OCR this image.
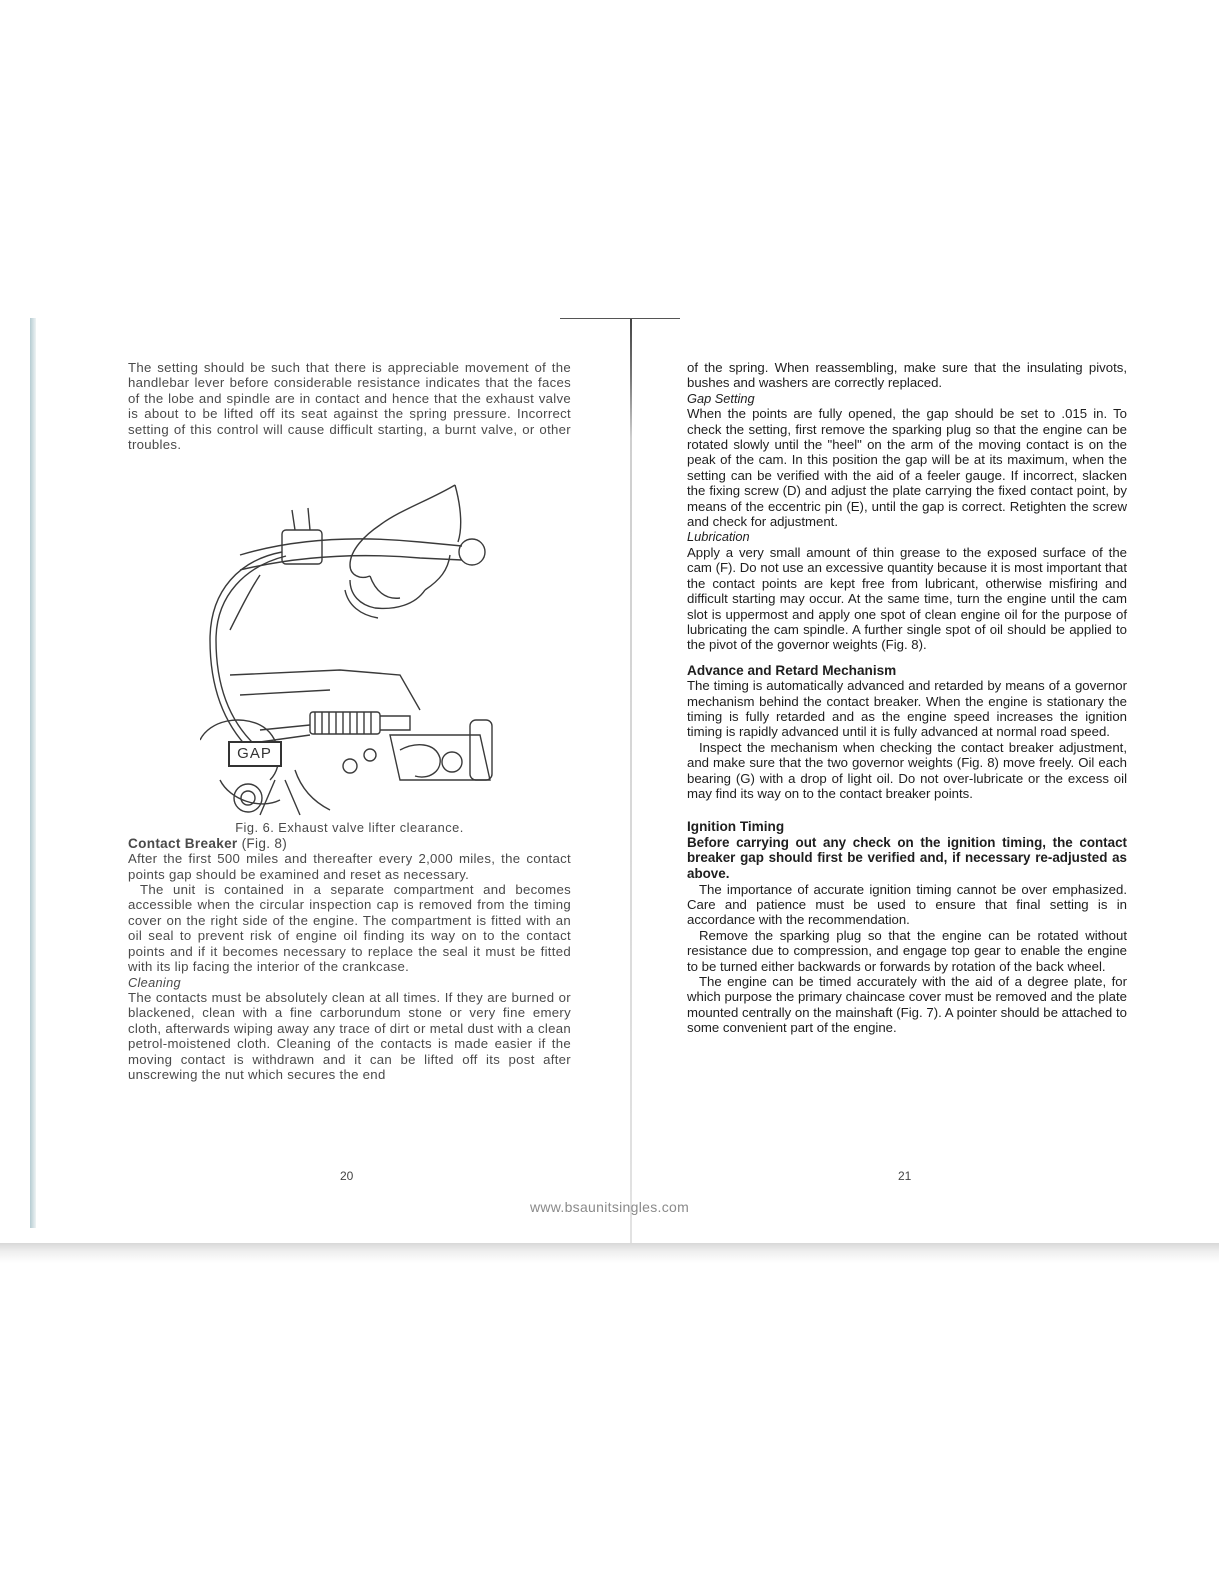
The setting should be such that there is appreciable movement of the handlebar lever before considerable resistance indicates that the faces of the lobe and spindle are in contact and hence that the exhaust valve is about to be lifted off its seat against the spring pressure. Incorrect setting of this control will cause difficult starting, a burnt valve, or other troubles.

GAP

Fig. 6. Exhaust valve lifter clearance.

Contact Breaker (Fig. 8)

After the first 500 miles and thereafter every 2,000 miles, the contact points gap should be examined and reset as necessary.

The unit is contained in a separate compartment and becomes accessible when the circular inspection cap is removed from the timing cover on the right side of the engine. The compartment is fitted with an oil seal to prevent risk of engine oil finding its way on to the contact points and if it becomes necessary to replace the seal it must be fitted with its lip facing the interior of the crankcase.

Cleaning

The contacts must be absolutely clean at all times. If they are burned or blackened, clean with a fine carborundum stone or very fine emery cloth, afterwards wiping away any trace of dirt or metal dust with a clean petrol-moistened cloth. Cleaning of the contacts is made easier if the moving contact is withdrawn and it can be lifted off its post after unscrewing the nut which secures the end

20

of the spring. When reassembling, make sure that the insulating pivots, bushes and washers are correctly replaced.

Gap Setting

When the points are fully opened, the gap should be set to .015 in. To check the setting, first remove the sparking plug so that the engine can be rotated slowly until the "heel" on the arm of the moving contact is on the peak of the cam. In this position the gap will be at its maximum, when the setting can be verified with the aid of a feeler gauge. If incorrect, slacken the fixing screw (D) and adjust the plate carrying the fixed contact point, by means of the eccentric pin (E), until the gap is correct. Retighten the screw and check for adjustment.

Lubrication

Apply a very small amount of thin grease to the exposed surface of the cam (F). Do not use an excessive quantity because it is most important that the contact points are kept free from lubricant, otherwise misfiring and difficult starting may occur. At the same time, turn the engine until the cam slot is uppermost and apply one spot of clean engine oil for the purpose of lubricating the cam spindle. A further single spot of oil should be applied to the pivot of the governor weights (Fig. 8).

Advance and Retard Mechanism

The timing is automatically advanced and retarded by means of a governor mechanism behind the contact breaker. When the engine is stationary the timing is fully retarded and as the engine speed increases the ignition timing is rapidly advanced until it is fully advanced at normal road speed.

Inspect the mechanism when checking the contact breaker adjustment, and make sure that the two governor weights (Fig. 8) move freely. Oil each bearing (G) with a drop of light oil. Do not over-lubricate or the excess oil may find its way on to the contact breaker points.

Ignition Timing

Before carrying out any check on the ignition timing, the contact breaker gap should first be verified and, if necessary re-adjusted as above.

The importance of accurate ignition timing cannot be over emphasized. Care and patience must be used to ensure that final setting is in accordance with the recommendation.

Remove the sparking plug so that the engine can be rotated without resistance due to compression, and engage top gear to enable the engine to be turned either backwards or forwards by rotation of the back wheel.

The engine can be timed accurately with the aid of a degree plate, for which purpose the primary chaincase cover must be removed and the plate mounted centrally on the mainshaft (Fig. 7). A pointer should be attached to some convenient part of the engine.

21
www.bsaunitsingles.com
